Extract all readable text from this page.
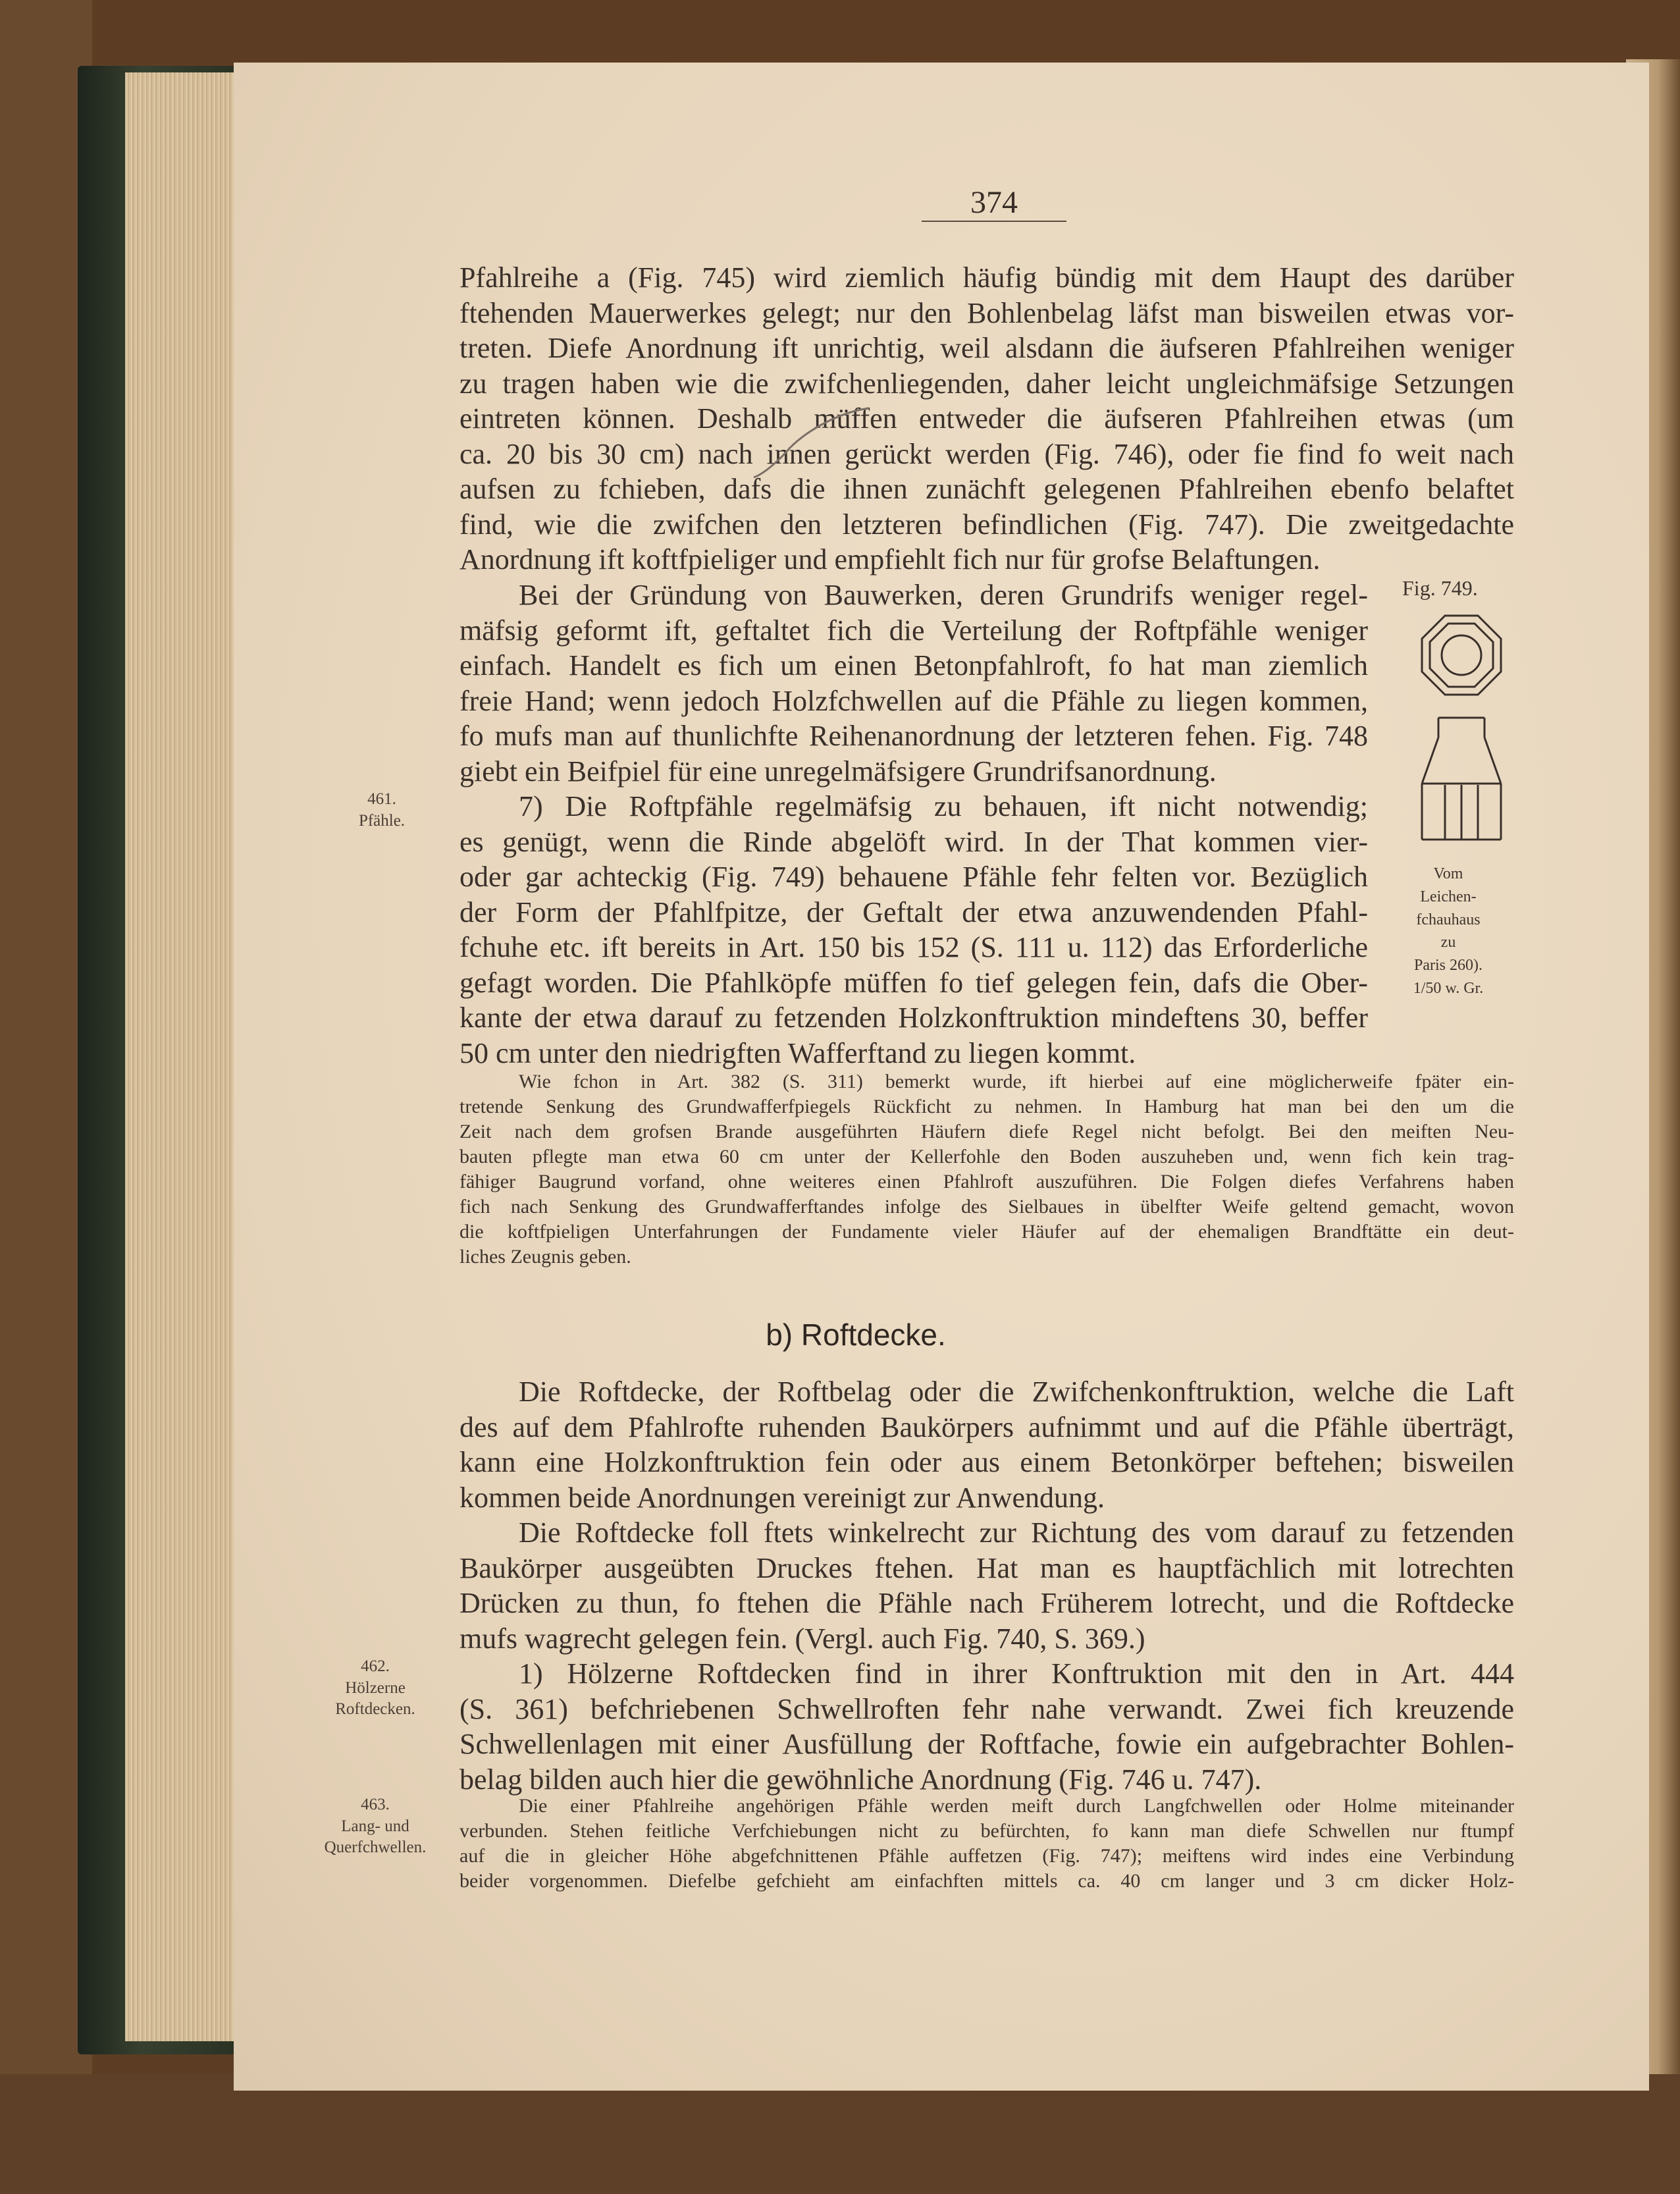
374
Pfahlreihe a (Fig. 745) wird ziemlich häufig bündig mit dem Haupt des darüber
ftehenden Mauerwerkes gelegt; nur den Bohlenbelag läfst man bisweilen etwas vor-
treten. Diefe Anordnung ift unrichtig, weil alsdann die äufseren Pfahlreihen weniger
zu tragen haben wie die zwifchenliegenden, daher leicht ungleichmäfsige Setzungen
eintreten können. Deshalb müffen entweder die äufseren Pfahlreihen etwas (um
ca. 20 bis 30 cm) nach innen gerückt werden (Fig. 746), oder fie find fo weit nach
aufsen zu fchieben, dafs die ihnen zunächft gelegenen Pfahlreihen ebenfo belaftet
find, wie die zwifchen den letzteren befindlichen (Fig. 747). Die zweitgedachte
Anordnung ift koftfpieliger und empfiehlt fich nur für grofse Belaftungen.
Bei der Gründung von Bauwerken, deren Grundrifs weniger regel-
mäfsig geformt ift, geftaltet fich die Verteilung der Roftpfähle weniger
einfach. Handelt es fich um einen Betonpfahlroft, fo hat man ziemlich
freie Hand; wenn jedoch Holzfchwellen auf die Pfähle zu liegen kommen,
fo mufs man auf thunlichfte Reihenanordnung der letzteren fehen. Fig. 748
giebt ein Beifpiel für eine unregelmäfsigere Grundrifsanordnung.
7) Die Roftpfähle regelmäfsig zu behauen, ift nicht notwendig;
es genügt, wenn die Rinde abgelöft wird. In der That kommen vier-
oder gar achteckig (Fig. 749) behauene Pfähle fehr felten vor. Bezüglich
der Form der Pfahlfpitze, der Geftalt der etwa anzuwendenden Pfahl-
fchuhe etc. ift bereits in Art. 150 bis 152 (S. 111 u. 112) das Erforderliche
gefagt worden. Die Pfahlköpfe müffen fo tief gelegen fein, dafs die Ober-
kante der etwa darauf zu fetzenden Holzkonftruktion mindeftens 30, beffer
50 cm unter den niedrigften Wafferftand zu liegen kommt.
Wie fchon in Art. 382 (S. 311) bemerkt wurde, ift hierbei auf eine möglicherweife fpäter ein-
tretende Senkung des Grundwafferfpiegels Rückficht zu nehmen. In Hamburg hat man bei den um die
Zeit nach dem grofsen Brande ausgeführten Häufern diefe Regel nicht befolgt. Bei den meiften Neu-
bauten pflegte man etwa 60 cm unter der Kellerfohle den Boden auszuheben und, wenn fich kein trag-
fähiger Baugrund vorfand, ohne weiteres einen Pfahlroft auszuführen. Die Folgen diefes Verfahrens haben
fich nach Senkung des Grundwafferftandes infolge des Sielbaues in übelfter Weife geltend gemacht, wovon
die koftfpieligen Unterfahrungen der Fundamente vieler Häufer auf der ehemaligen Brandftätte ein deut-
liches Zeugnis geben.
b) Roftdecke.
Die Roftdecke, der Roftbelag oder die Zwifchenkonftruktion, welche die Laft
des auf dem Pfahlrofte ruhenden Baukörpers aufnimmt und auf die Pfähle überträgt,
kann eine Holzkonftruktion fein oder aus einem Betonkörper beftehen; bisweilen
kommen beide Anordnungen vereinigt zur Anwendung.
Die Roftdecke foll ftets winkelrecht zur Richtung des vom darauf zu fetzenden
Baukörper ausgeübten Druckes ftehen. Hat man es hauptfächlich mit lotrechten
Drücken zu thun, fo ftehen die Pfähle nach Früherem lotrecht, und die Roftdecke
mufs wagrecht gelegen fein. (Vergl. auch Fig. 740, S. 369.)
1) Hölzerne Roftdecken find in ihrer Konftruktion mit den in Art. 444
(S. 361) befchriebenen Schwellroften fehr nahe verwandt. Zwei fich kreuzende
Schwellenlagen mit einer Ausfüllung der Roftfache, fowie ein aufgebrachter Bohlen-
belag bilden auch hier die gewöhnliche Anordnung (Fig. 746 u. 747).
Die einer Pfahlreihe angehörigen Pfähle werden meift durch Langfchwellen oder Holme miteinander
verbunden. Stehen feitliche Verfchiebungen nicht zu befürchten, fo kann man diefe Schwellen nur ftumpf
auf die in gleicher Höhe abgefchnittenen Pfähle auffetzen (Fig. 747); meiftens wird indes eine Verbindung
beider vorgenommen. Diefelbe gefchieht am einfachften mittels ca. 40 cm langer und 3 cm dicker Holz-
461.
Pfähle.
462.
Hölzerne
Roftdecken.
463.
Lang- und
Querfchwellen.
Fig. 749.
Vom
Leichen-
fchauhaus
zu
Paris 260).
1/50 w. Gr.
